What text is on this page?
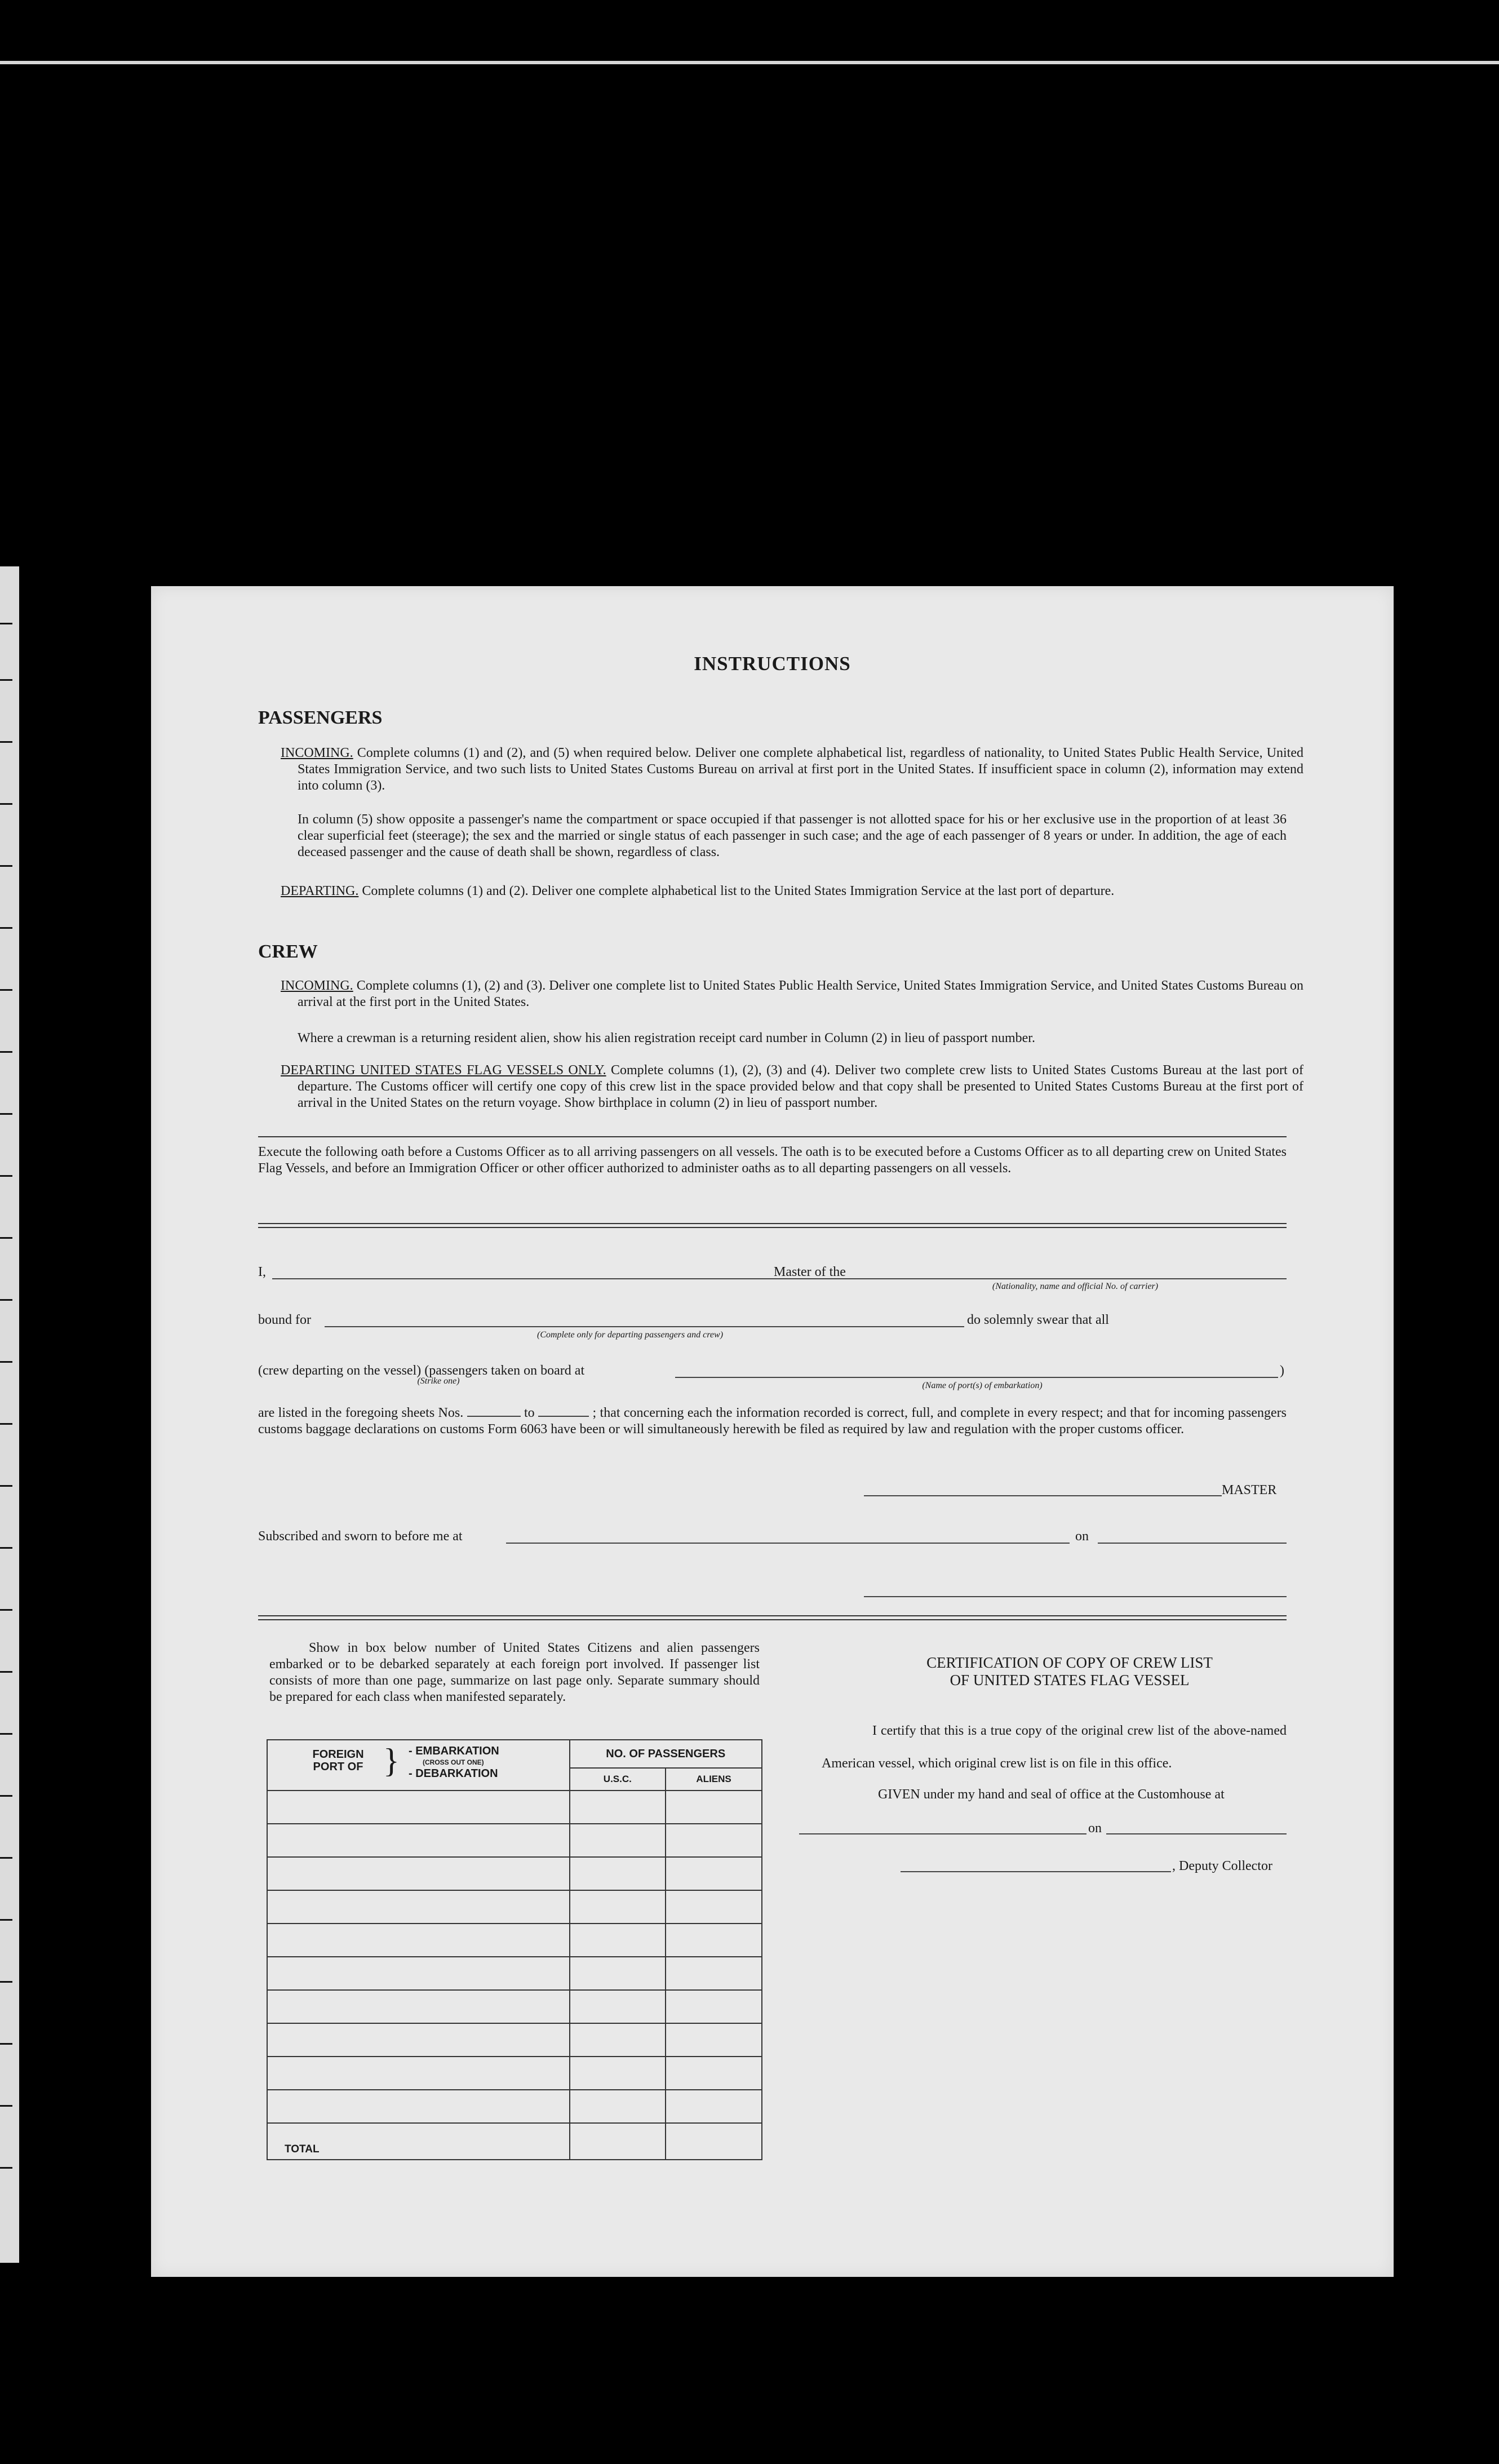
INSTRUCTIONS
PASSENGERS
INCOMING. Complete columns (1) and (2), and (5) when required below. Deliver one complete alphabetical list, regardless of nationality, to United States Public Health Service, United States Immigration Service, and two such lists to United States Customs Bureau on arrival at first port in the United States. If insufficient space in column (2), information may extend into column (3).
In column (5) show opposite a passenger's name the compartment or space occupied if that passenger is not allotted space for his or her exclusive use in the proportion of at least 36 clear superficial feet (steerage); the sex and the married or single status of each passenger in such case; and the age of each passenger of 8 years or under. In addition, the age of each deceased passenger and the cause of death shall be shown, regardless of class.
DEPARTING. Complete columns (1) and (2). Deliver one complete alphabetical list to the United States Immigration Service at the last port of departure.
CREW
INCOMING. Complete columns (1), (2) and (3). Deliver one complete list to United States Public Health Service, United States Immigration Service, and United States Customs Bureau on arrival at the first port in the United States.
Where a crewman is a returning resident alien, show his alien registration receipt card number in Column (2) in lieu of passport number.
DEPARTING UNITED STATES FLAG VESSELS ONLY. Complete columns (1), (2), (3) and (4). Deliver two complete crew lists to United States Customs Bureau at the last port of departure. The Customs officer will certify one copy of this crew list in the space provided below and that copy shall be presented to United States Customs Bureau at the first port of arrival in the United States on the return voyage. Show birthplace in column (2) in lieu of passport number.
Execute the following oath before a Customs Officer as to all arriving passengers on all vessels. The oath is to be executed before a Customs Officer as to all departing crew on United States Flag Vessels, and before an Immigration Officer or other officer authorized to administer oaths as to all departing passengers on all vessels.
I,	Master of the
(Nationality, name and official No. of carrier)
bound for
(Complete only for departing passengers and crew)
do solemnly swear that all
(crew departing on the vessel) (passengers taken on board at	)
(Strike one)	(Name of port(s) of embarkation)
are listed in the foregoing sheets Nos.	to	; that concerning each the information recorded is correct, full, and complete in every respect; and that for incoming passengers customs baggage declarations on customs Form 6063 have been or will simultaneously herewith be filed as required by law and regulation with the proper customs officer.
MASTER
Subscribed and sworn to before me at	on
Show in box below number of United States Citizens and alien passengers embarked or to be debarked separately at each foreign port involved. If passenger list consists of more than one page, summarize on last page only. Separate summary should be prepared for each class when manifested separately.
FOREIGN PORT OF } - EMBARKATION
(CROSS OUT ONE)
- DEBARKATION	NO. OF PASSENGERS	
	U.S.C.	ALIENS

TOTAL		
CERTIFICATION OF COPY OF CREW LIST
OF UNITED STATES FLAG VESSEL
I certify that this is a true copy of the original crew list of the above-named American vessel, which original crew list is on file in this office.
GIVEN under my hand and seal of office at the Customhouse at
on
, Deputy Collector
